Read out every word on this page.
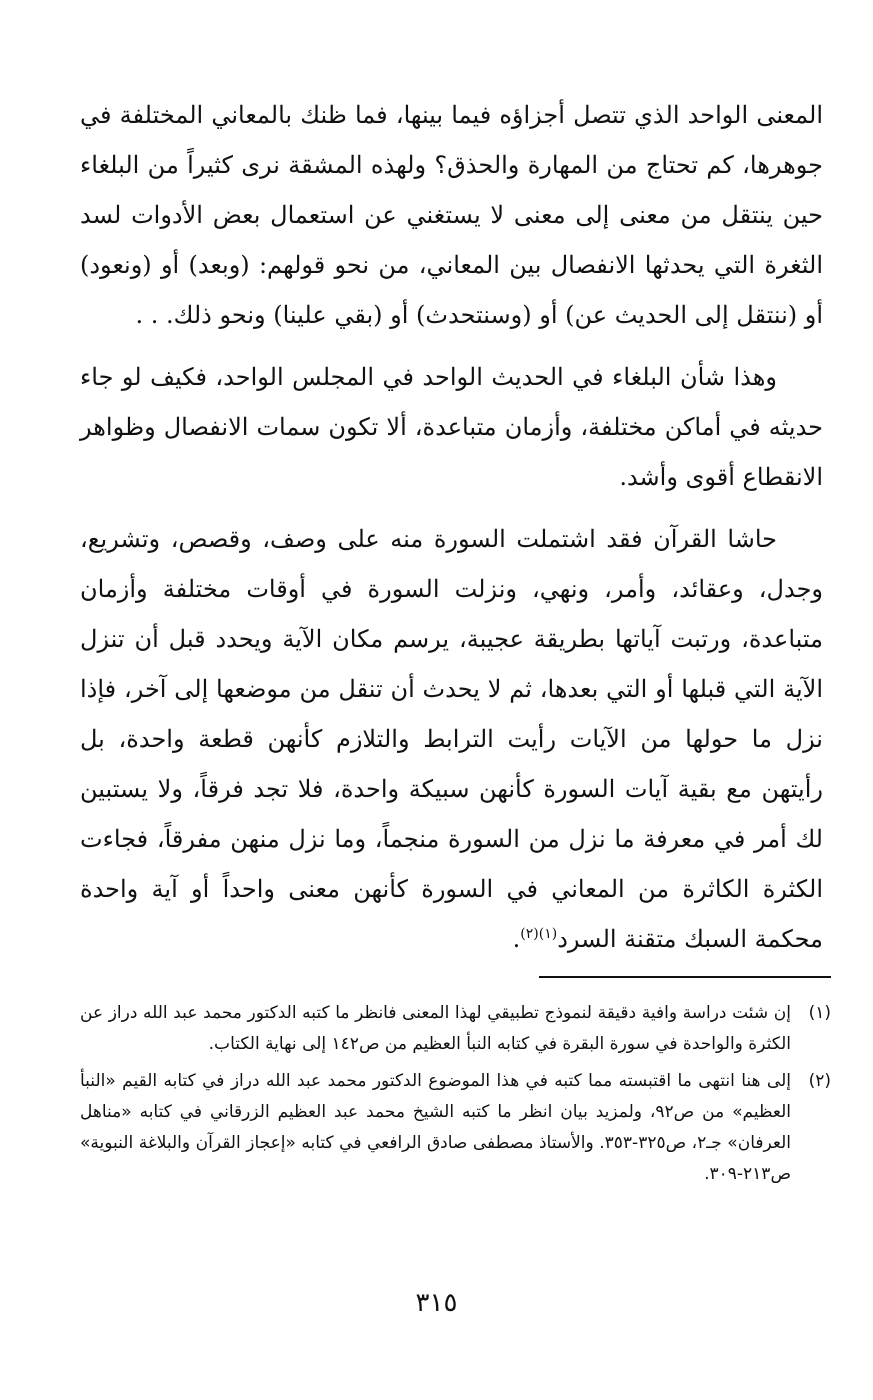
المعنى الواحد الذي تتصل أجزاؤه فيما بينها، فما ظنك بالمعاني المختلفة في جوهرها، كم تحتاج من المهارة والحذق؟ ولهذه المشقة نرى كثيراً من البلغاء حين ينتقل من معنى إلى معنى لا يستغني عن استعمال بعض الأدوات لسد الثغرة التي يحدثها الانفصال بين المعاني، من نحو قولهم: (وبعد) أو (ونعود) أو (ننتقل إلى الحديث عن) أو (وسنتحدث) أو (بقي علينا) ونحو ذلك. . .

وهذا شأن البلغاء في الحديث الواحد في المجلس الواحد، فكيف لو جاء حديثه في أماكن مختلفة، وأزمان متباعدة، ألا تكون سمات الانفصال وظواهر الانقطاع أقوى وأشد.

حاشا القرآن فقد اشتملت السورة منه على وصف، وقصص، وتشريع، وجدل، وعقائد، وأمر، ونهي، ونزلت السورة في أوقات مختلفة وأزمان متباعدة، ورتبت آياتها بطريقة عجيبة، يرسم مكان الآية ويحدد قبل أن تنزل الآية التي قبلها أو التي بعدها، ثم لا يحدث أن تنقل من موضعها إلى آخر، فإذا نزل ما حولها من الآيات رأيت الترابط والتلازم كأنهن قطعة واحدة، بل رأيتهن مع بقية آيات السورة كأنهن سبيكة واحدة، فلا تجد فرقاً، ولا يستبين لك أمر في معرفة ما نزل من السورة منجماً، وما نزل منهن مفرقاً، فجاءت الكثرة الكاثرة من المعاني في السورة كأنهن معنى واحداً أو آية واحدة محكمة السبك متقنة السرد$^{(١)(٢)}$.

(١)
إن شئت دراسة وافية دقيقة لنموذج تطبيقي لهذا المعنى فانظر ما كتبه الدكتور محمد عبد الله دراز عن الكثرة والواحدة في سورة البقرة في كتابه النبأ العظيم من ص١٤٢ إلى نهاية الكتاب.
(٢)
إلى هنا انتهى ما اقتبسته مما كتبه في هذا الموضوع الدكتور محمد عبد الله دراز في كتابه القيم «النبأ العظيم» من ص٩٢، ولمزيد بيان انظر ما كتبه الشيخ محمد عبد العظيم الزرقاني في كتابه «مناهل العرفان» جـ٢، ص٣٢٥-٣٥٣. والأستاذ مصطفى صادق الرافعي في كتابه «إعجاز القرآن والبلاغة النبوية» ص٢١٣-٣٠٩.
٣١٥
